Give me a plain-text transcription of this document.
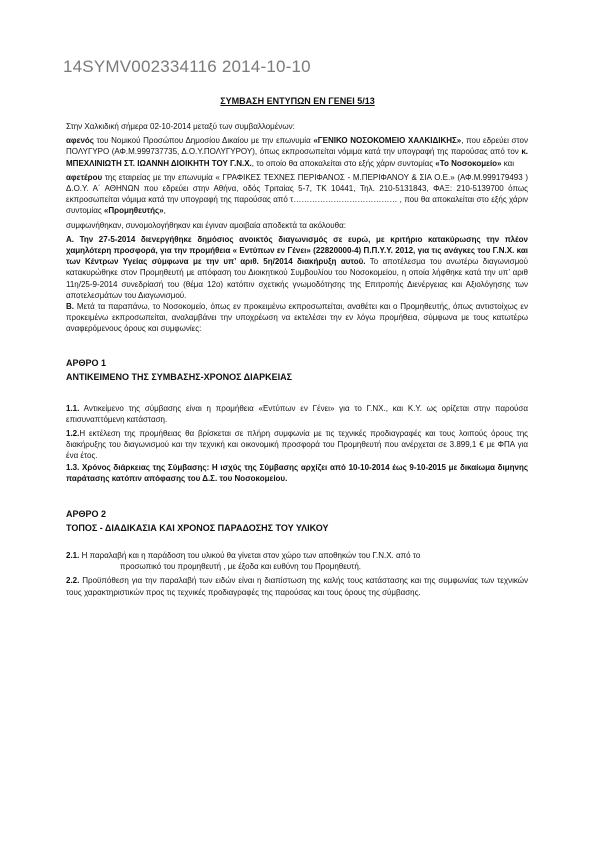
14SYMV002334116 2014-10-10
ΣΥΜΒΑΣΗ ΕΝΤΥΠΩΝ ΕΝ ΓΕΝΕΙ 5/13

Στην Χαλκιδική σήμερα 02-10-2014 μεταξύ των συμβαλλομένων:

αφενός του Νομικού Προσώπου Δημοσίου Δικαίου με την επωνυμία «ΓΕΝΙΚΟ ΝΟΣΟΚΟΜΕΙΟ ΧΑΛΚΙΔΙΚΗΣ», που εδρεύει στον ΠΟΛΥΓΥΡΟ (ΑΦ.Μ.999737735, Δ.Ο.Υ.ΠΟΛΥΓΥΡΟΥ), όπως εκπροσωπείται νόμιμα κατά την υπογραφή της παρούσας από τον κ. ΜΠΕΧΛΙΝΙΩΤΗ ΣΤ. ΙΩΑΝΝΗ ΔΙΟΙΚΗΤΗ ΤΟΥ Γ.Ν.Χ., το οποίο θα αποκαλείται στο εξής χάριν συντομίας «Το Νοσοκομείο» και

αφετέρου της εταιρείας με την επωνυμία « ΓΡΑΦΙΚΕΣ ΤΕΧΝΕΣ ΠΕΡΙΦΑΝΟΣ - Μ.ΠΕΡΙΦΑΝΟΥ & ΣΙΑ Ο.Ε.» (ΑΦ.Μ.999179493 ) Δ.Ο.Υ. Α΄ ΑΘΗΝΩΝ που εδρεύει στην Αθήνα, οδός Τριταίας 5-7, ΤΚ 10441, Τηλ. 210-5131843, ΦΑΞ: 210-5139700 όπως εκπροσωπείται νόμιμα κατά την υπογραφή της παρούσας από τ………………………………… , που θα αποκαλείται στο εξής χάριν συντομίας «Προμηθευτής»,

συμφωνήθηκαν, συνομολογήθηκαν και έγιναν αμοιβαία αποδεκτά τα ακόλουθα:

Α. Την 27-5-2014 διενεργήθηκε δημόσιος ανοικτός διαγωνισμός σε ευρώ, με κριτήριο κατακύρωσης την πλέον χαμηλότερη προσφορά, για την προμήθεια « Εντύπων εν Γένει» (22820000-4) Π.Π.Υ.Υ. 2012, για τις ανάγκες του Γ.Ν.Χ. και των Κέντρων Υγείας σύμφωνα με την υπ’ αριθ. 5η/2014 διακήρυξη αυτού. Το αποτέλεσμα του ανωτέρω διαγωνισμού κατακυρώθηκε στον Προμηθευτή με απόφαση του Διοικητικού Συμβουλίου του Νοσοκομείου, η οποία λήφθηκε κατά την υπ’ αριθ 11η/25-9-2014 συνεδρίασή του (θέμα 12ο) κατόπιν σχετικής γνωμοδότησης της Επιτροπής Διενέργειας και Αξιολόγησης των αποτελεσμάτων του Διαγωνισμού.

Β. Μετά τα παραπάνω, το Νοσοκομείο, όπως εν προκειμένω εκπροσωπείται, αναθέτει και ο Προμηθευτής, όπως αντιστοίχως εν προκειμένω εκπροσωπείται, αναλαμβάνει την υποχρέωση να εκτελέσει την εν λόγω προμήθεια, σύμφωνα με τους κατωτέρω αναφερόμενους όρους και συμφωνίες:

ΑΡΘΡΟ 1

ΑΝΤΙΚΕΙΜΕΝΟ ΤΗΣ ΣΥΜΒΑΣΗΣ-ΧΡΟΝΟΣ ΔΙΑΡΚΕΙΑΣ

1.1. Αντικείμενο της σύμβασης είναι η προμήθεια «Εντύπων εν Γένει» για το Γ.ΝΧ., και Κ.Υ. ως ορίζεται στην παρούσα επισυναπτόμενη κατάσταση.

1.2.Η εκτέλεση της προμήθειας θα βρίσκεται σε πλήρη συμφωνία με τις τεχνικές προδιαγραφές και τους λοιπούς όρους της διακήρυξης του διαγωνισμού και την τεχνική και οικονομική προσφορά του Προμηθευτή που ανέρχεται σε 3.899,1 € με ΦΠΑ για ένα έτος.

1.3. Χρόνος διάρκειας της Σύμβασης: Η ισχύς της Σύμβασης αρχίζει από 10-10-2014 έως 9-10-2015 με δικαίωμα διμηνης παράτασης κατόπιν απόφασης του Δ.Σ. του Νοσοκομείου.

ΑΡΘΡΟ 2

ΤΟΠΟΣ - ΔΙΑΔΙΚΑΣΙΑ ΚΑΙ ΧΡΟΝΟΣ ΠΑΡΑΔΟΣΗΣ ΤΟΥ ΥΛΙΚΟΥ

2.1. Η παραλαβή και η παράδοση του υλικού θα γίνεται στον χώρο των αποθηκών του Γ.Ν.Χ. από το

προσωπικό του προμηθευτή , με έξοδα και ευθύνη του Προμηθευτή.

2.2. Προϋπόθεση για την παραλαβή των ειδών είναι η διαπίστωση της καλής τους κατάστασης και της συμφωνίας των τεχνικών τους χαρακτηριστικών προς τις τεχνικές προδιαγραφές της παρούσας και τους όρους της σύμβασης.
